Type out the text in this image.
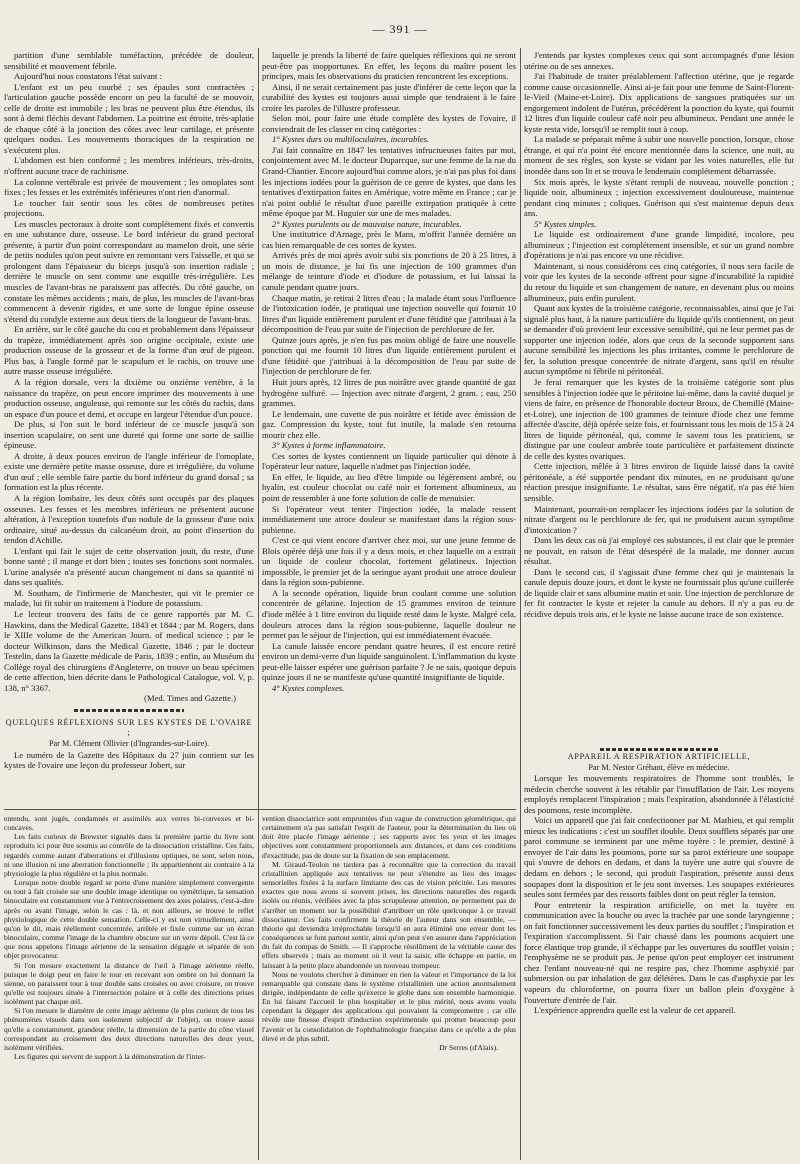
— 391 —

partition d'une semblable tuméfaction, précédée de douleur, sensibilité et mouvement fébrile.

Aujourd'hui nous constatons l'état suivant :

L'enfant est un peu courbé ; ses épaules sont contractées ; l'articulation gauche possède encore un peu la faculté de se mouvoir, celle de droite est immobile ; les bras ne peuvent plus être étendus, ils sont à demi fléchis devant l'abdomen. La poitrine est étroite, très-aplatie de chaque côté à la jonction des côtes avec leur cartilage, et présente quelques nodus. Les mouvements thoraciques de la respiration ne s'exécutent plus.

L'abdomen est bien conformé ; les membres inférieurs, très-droits, n'offrent aucune trace de rachitisme.

La colonne vertébrale est privée de mouvement ; les omoplates sont fixes ; les fesses et les extrémités inférieures n'ont rien d'anormal.

Le toucher fait sentir sous les côtes de nombreuses petites projections.

Les muscles pectoraux à droite sont complétement fixés et convertis en une substance dure, osseuse. Le bord inférieur du grand pectoral présente, à partir d'un point correspondant au mamelon droit, une série de petits nodules qu'on peut suivre en remontant vers l'aisselle, et qui se prolongent dans l'épaisseur du biceps jusqu'à son insertion radiale ; derrière le muscle on sent comme une esquille très-irrégulière. Les muscles de l'avant-bras ne paraissent pas affectés. Du côté gauche, on constate les mêmes accidents ; mais, de plus, les muscles de l'avant-bras commencent à devenir rigides, et une sorte de longue épine osseuse s'étend du condyle externe aux deux tiers de la longueur de l'avant-bras.

En arrière, sur le côté gauche du cou et probablement dans l'épaisseur du trapèze, immédiatement après son origine occipitale, existe une production osseuse de la grosseur et de la forme d'un œuf de pigeon. Plus bas, à l'angle formé par le scapulum et le rachis, on trouve une autre masse osseuse irrégulière.

A la région dorsale, vers la dixième ou onzième vertèbre, à la naissance du trapèze, on peut encore imprimer des mouvements à une production osseuse, anguleuse, qui remonte sur les côtés du rachis, dans un espace d'un pouce et demi, et occupe en largeur l'étendue d'un pouce.

De plus, si l'on suit le bord inférieur de ce muscle jusqu'à son insertion scapulaire, on sent une dureté qui forme une sorte de saillie épineuse.

A droite, à deux pouces environ de l'angle inférieur de l'omoplate, existe une dernière petite masse osseuse, dure et irrégulière, du volume d'un œuf ; elle semble faire partie du bord inférieur du grand dorsal ; sa formation est la plus récente.

A la région lombaire, les deux côtés sont occupés par des plaques osseuses. Les fesses et les membres inférieurs ne présentent aucune altération, à l'exception toutefois d'un nodule de la grosseur d'une noix ordinaire, situé au-dessus du calcanéum droit, au point d'insertion du tendon d'Achille.

L'enfant qui fait le sujet de cette observation jouit, du reste, d'une bonne santé ; il mange et dort bien ; toutes ses fonctions sont normales. L'urine analysée n'a présenté aucun changement ni dans sa quantité ni dans ses qualités.

M. Southam, de l'infirmerie de Manchester, qui vit le premier ce malade, lui fit subir un traitement à l'iodure de potassium.

Le lecteur trouvera des faits de ce genre rapportés par M. C. Hawkins, dans the Medical Gazette, 1843 et 1844 ; par M. Rogers, dans le XIIIe volume de the American Journ. of medical science ; par le docteur Wilkinson, dans the Medical Gazette, 1846 ; par le docteur Testelin, dans la Gazette médicale de Paris, 1839 ; enfin, au Muséum du Collège royal des chirurgiens d'Angleterre, on trouve un beau spécimen de cette affection, bien décrite dans le Pathological Catalogue, vol. V, p. 138, n° 3367.

(Med. Times and Gazette.)

QUELQUES RÉFLEXIONS SUR LES KYSTES DE L'OVAIRE ;

Par M. Clément Ollivier (d'Ingrandes-sur-Loire).

Le numéro de la Gazette des Hôpitaux du 27 juin contient sur les kystes de l'ovaire une leçon du professeur Jobert, sur

laquelle je prends la liberté de faire quelques réflexions qui ne seront peut-être pas inopportunes. En effet, les leçons du maître posent les principes, mais les observations du praticien rencontrent les exceptions.

Ainsi, il ne serait certainement pas juste d'inférer de cette leçon que la curabilité des kystes est toujours aussi simple que tendraient à le faire croire les paroles de l'illustre professeur.

Selon moi, pour faire une étude complète des kystes de l'ovaire, il conviendrait de les classer en cinq catégories :

1° Kystes durs ou multiloculaires, incurables.

J'ai fait connaître en 1847 les tentatives infructueuses faites par moi, conjointement avec M. le docteur Duparcque, sur une femme de la rue du Grand-Chantier. Encore aujourd'hui comme alors, je n'ai pas plus foi dans les injections iodées pour la guérison de ce genre de kystes, que dans les tentatives d'extirpation faites en Amérique, votre même en France ; car je n'ai point oublié le résultat d'une pareille extirpation pratiquée à cette même époque par M. Huguier sur une de mes malades.

2° Kystes purulents ou de mauvaise nature, incurables.

Une institutrice d'Arnage, près le Mans, m'offrit l'année dernière un cas bien remarquable de ces sortes de kystes.

Arrivés près de moi après avoir subi six ponctions de 20 à 25 litres, à un mois de distance, je lui fis une injection de 100 grammes d'un mélange de teinture d'iode et d'iodure de potassium, et lui laissai la canule pendant quatre jours.

Chaque matin, je retirai 2 litres d'eau ; la malade étant sous l'influence de l'intoxication iodée, je pratiquai une injection nouvelle qui fournit 10 litres d'un liquide entièrement purulent et d'une fétidité que j'attribuai à la décomposition de l'eau par suite de l'injection de perchlorure de fer.

Quinze jours après, je n'en fus pas moins obligé de faire une nouvelle ponction qui me fournit 10 litres d'un liquide entièrement purulent et d'une fétidité que j'attribuai à la décomposition de l'eau par suite de l'injection de perchlorure de fer.

Huit jours après, 12 litres de pus noirâtre avec grande quantité de gaz hydrogène sulfuré. — Injection avec nitrate d'argent, 2 gram. ; eau, 250 grammes.

Le lendemain, une cuvette de pus noirâtre et fétide avec émission de gaz. Compression du kyste, tout fut inutile, la malade s'en retourna mourir chez elle.

3° Kystes à forme inflammatoire.

Ces sortes de kystes contiennent un liquide particulier qui dénote à l'opérateur leur nature, laquelle n'admet pas l'injection iodée.

En effet, le liquide, au lieu d'être limpide ou légèrement ambré, ou hyalin, est couleur chocolat ou café noir et fortement albumineux, au point de ressembler à une forte solution de colle de menuisier.

Si l'opérateur veut tenter l'injection iodée, la malade ressent immédiatement une atroce douleur se manifestant dans la région sous-pubienne.

C'est ce qui vient encore d'arriver chez moi, sur une jeune femme de Blois opérée déjà une fois il y a deux mois, et chez laquelle on a extrait un liquide de couleur chocolat, fortement gélatineux. Injection impossible, le premier jet de la seringue ayant produit une atroce douleur dans la région sous-pubienne.

A la seconde opération, liquide brun coulant comme une solution concentrée de gélatine. Injection de 15 grammes environ de teinture d'iode mêlée à 1 litre environ du liquide resté dans le kyste. Malgré cela, douleurs atroces dans la région sous-pubienne, laquelle douleur ne permet pas le séjour de l'injection, qui est immédiatement évacuée.

La canule laissée encore pendant quatre heures, il est encore retiré environ un demi-verre d'un liquide sanguinolent. L'inflammation du kyste peut-elle laisser espérer une guérison parfaite ? Je ne sais, quoique depuis quinze jours il ne se manifeste qu'une quantité insignifiante de liquide.

4° Kystes complexes.

J'entends par kystes complexes ceux qui sont accompagnés d'une lésion utérine ou de ses annexes.

J'ai l'habitude de traiter préalablement l'affection utérine, que je regarde comme cause occasionnelle. Ainsi ai-je fait pour une femme de Saint-Florent-le-Vieil (Maine-et-Loire). Dix applications de sangsues pratiquées sur un engorgement indolent de l'utérus, précédèrent la ponction du kyste, qui fournit 12 litres d'un liquide couleur café noir peu albumineux. Pendant une année le kyste resta vide, lorsqu'il se remplit tout à coup.

La malade se préparait même à subir une nouvelle ponction, lorsque, chose étrange, et qui n'a point été encore mentionnée dans la science, une nuit, au moment de ses règles, son kyste se vidant par les voies naturelles, elle fut inondée dans son lit et se trouva le lendemain complétement débarrassée.

Six mois après, le kyste s'étant rempli de nouveau, nouvelle ponction ; liquide noir, albumineux ; injection excessivement douloureuse, maintenue pendant cinq minutes ; coliques. Guérison qui s'est maintenue depuis deux ans.

5° Kystes simples.

Le liquide est ordinairement d'une grande limpidité, incolore, peu albumineux ; l'injection est complétement insensible, et sur un grand nombre d'opérations je n'ai pas encore vu une récidive.

Maintenant, si nous considérons ces cinq catégories, il nous sera facile de voir que les kystes de la seconde offrent pour signe d'incurabilité la rapidité du retour du liquide et son changement de nature, en devenant plus ou moins albumineux, puis enfin purulent.

Quant aux kystes de la troisième catégorie, reconnaissables, ainsi que je l'ai signalé plus haut, à la nature particulière du liquide qu'ils contiennent, on peut se demander d'où provient leur excessive sensibilité, qui ne leur permet pas de supporter une injection iodée, alors que ceux de la seconde supportent sans aucune sensibilité les injections les plus irritantes, comme le perchlorure de fer, la solution presque concentrée de nitrate d'argent, sans qu'il en résulte aucun symptôme ni fébrile ni péritonéal.

Je ferai remarquer que les kystes de la troisième catégorie sont plus sensibles à l'injection iodée que le péritoine lui-même, dans la cavité duquel je viens de faire, en présence de l'honorable docteur Broux, de Chemillé (Maine-et-Loire), une injection de 100 grammes de teinture d'iode chez une femme affectée d'ascite, déjà opérée seize fois, et fournissant tous les mois de 15 à 24 litres de liquide péritonéal, qui, comme le savent tous les praticiens, se distingue par une couleur ambrée toute particulière et parfaitement distincte de celle des kystes ovariques.

Cette injection, mêlée à 3 litres environ de liquide laissé dans la cavité péritonéale, a été supportée pendant dix minutes, en ne produisant qu'une réaction presque insignifiante. Le résultat, sans être négatif, n'a pas été bien sensible.

Maintenant, pourrait-on remplacer les injections iodées par la solution de nitrate d'argent ou le perchlorure de fer, qui ne produisent aucun symptôme d'intoxication ?

Dans les deux cas où j'ai employé ces substances, il est clair que le premier ne pouvait, en raison de l'état désespéré de la malade, me donner aucun résultat.

Dans le second cas, il s'agissait d'une femme chez qui je maintenais la canule depuis douze jours, et dont le kyste ne fournissait plus qu'une cuillerée de liquide clair et sans albumine matin et soir. Une injection de perchlorure de fer fit contracter le kyste et rejeter la canule au dehors. Il n'y a pas eu de récidive depuis trois ans, et le kyste ne laisse aucune trace de son existence.

APPAREIL A RESPIRATION ARTIFICIELLE,

Par M. Nestor Gréhant, élève en médecine.

Lorsque les mouvements respiratoires de l'homme sont troublés, le médecin cherche souvent à les rétablir par l'insufflation de l'air. Les moyens employés remplacent l'inspiration ; mais l'expiration, abandonnée à l'élasticité des poumons, reste incomplète.

Voici un appareil que j'ai fait confectionner par M. Mathieu, et qui remplit mieux les indications : c'est un soufflet double. Deux soufflets séparés par une paroi commune se terminent par une même tuyère : le premier, destiné à envoyer de l'air dans les poumons, porte sur sa paroi extérieure une soupape qui s'ouvre de dehors en dedans, et dans la tuyère une autre qui s'ouvre de dedans en dehors ; le second, qui produit l'aspiration, présente aussi deux soupapes dont la disposition et le jeu sont inverses. Les soupapes extérieures seules sont fermées par des ressorts faibles dont on peut régler la tension.

Pour entretenir la respiration artificielle, on met la tuyère en communication avec la bouche ou avec la trachée par une sonde laryngienne ; on fait fonctionner successivement les deux parties du soufflet ; l'inspiration et l'expiration s'accomplissent. Si l'air chassé dans les poumons acquiert une force élastique trop grande, il s'échappe par les ouvertures du soufflet voisin ; l'emphysème ne se produit pas. Je pense qu'on peut employer cet instrument chez l'enfant nouveau-né qui ne respire pas, chez l'homme asphyxié par submersion ou par inhalation de gaz délétères. Dans le cas d'asphyxie par les vapeurs du chloroforme, on pourra fixer un ballon plein d'oxygène à l'ouverture d'entrée de l'air.

L'expérience apprendra quelle est la valeur de cet appareil.

entendu, sont jugés, condamnés et assimilés aux verres bi-convexes et bi-concaves.

Les faits curieux de Brewster signalés dans la première partie du livre sont reproduits ici pour être soumis au contrôle de la dissociation cristalline. Ces faits, regardés comme autant d'aberrations et d'illusions optiques, ne sont, selon nous, ni une illusion ni une aberration fonctionnelle ; ils appartiennent au contraire à la physiologie la plus régulière et la plus normale.

Lorsque notre double regard se porte d'une manière simplement convergente ou tout à fait croisée sur une double image identique ou symétrique, la sensation binoculaire est constamment vue à l'entrecroisement des axes polaires, c'est-à-dire après ou avant l'image, selon le cas : là, et non ailleurs, se trouve le reflet physiologique de cette double sensation. Celle-ci y est non virtuellement, ainsi qu'on le dit, mais réellement concentrée, arrêtée et fixée comme sur un écran binoculaire, comme l'image de la chambre obscure sur un verre dépoli. C'est là ce que nous appelons l'image aérienne de la sensation dégagée et séparée de son objet provocateur.

Si l'on mesure exactement la distance de l'œil à l'image aérienne réelle, puisque le doigt peut en faire le tour en recevant son ombre on lui donnant la sienne, on paraissent tour à tour double sans croisées ou avec croisure, on trouve qu'elle est toujours située à l'intersection polaire et à celle des directions prises isolément par chaque œil.

Si l'on mesure le diamètre de cette image aérienne (le plus curieux de tous les phénomènes visuels dans son isolement subjectif de l'objet), on trouve aussi qu'elle a constamment, grandeur réelle, la dimension de la partie du cône visuel correspondant au croisement des deux directions naturelles des deux yeux, isolément vérifiées.

Les figures qui servent de support à la démonstration de l'inter-

vention dissociatrice sont empruntées d'un vague de construction géométrique, qui certainement n'a pas satisfait l'esprit de l'auteur, pour la détermination du lieu où doit être placée l'image aérienne ; ses rapports avec les yeux et les images objectives sont constamment proportionnels aux distances, et dans ces conditions d'exactitude, pas de doute sur la fixation de son emplacement.

M. Giraud-Teulon ne tardera pas à reconnaître que la correction du travail cristallinien appliquée aux tentatives ne peut s'étendre au lieu des images sensorielles fixées à la surface limitante des cas de vision précitée. Les mesures exactes que nous avons si souvent prises, les directions naturelles des regards isolés ou réunis, vérifiées avec la plus scrupuleuse attention, ne permettent pas de s'arrêter un moment sur la possibilité d'attribuer un rôle quelconque à ce travail dissociateur. Ces faits confirment la théorie de l'auteur dans son ensemble, — théorie qui deviendra irréprochable lorsqu'il en aura éliminé une erreur dont les conséquences se font partout sentir, ainsi qu'on peut s'en assurer dans l'appréciation du fait du compas de Smith. — Il s'approche résolûment de la véritable cause des effets observés ; mais au moment où il veut la saisir, elle échappe en partie, en laissant à la petite place abandonnée un nouveau trompeur.

Nous ne voulons chercher à diminuer en rien la valeur et l'importance de la loi remarquable qui constate dans le système cristallinien une action anormalement dirigée, indépendante de celle qu'exerce le globe dans son ensemble harmonique. En lui faisant l'accueil le plus hospitalier et le plus mérité, nous avons voulu cependant la dégager des applications qui pouvaient la compromettre ; car elle révèle une finesse d'esprit d'induction expérimentale qui promet beaucoup pour l'avenir et la consolidation de l'ophthalmologie française dans ce qu'elle a de plus élevé et de plus subtil.

Dr Serres (d'Alais).
